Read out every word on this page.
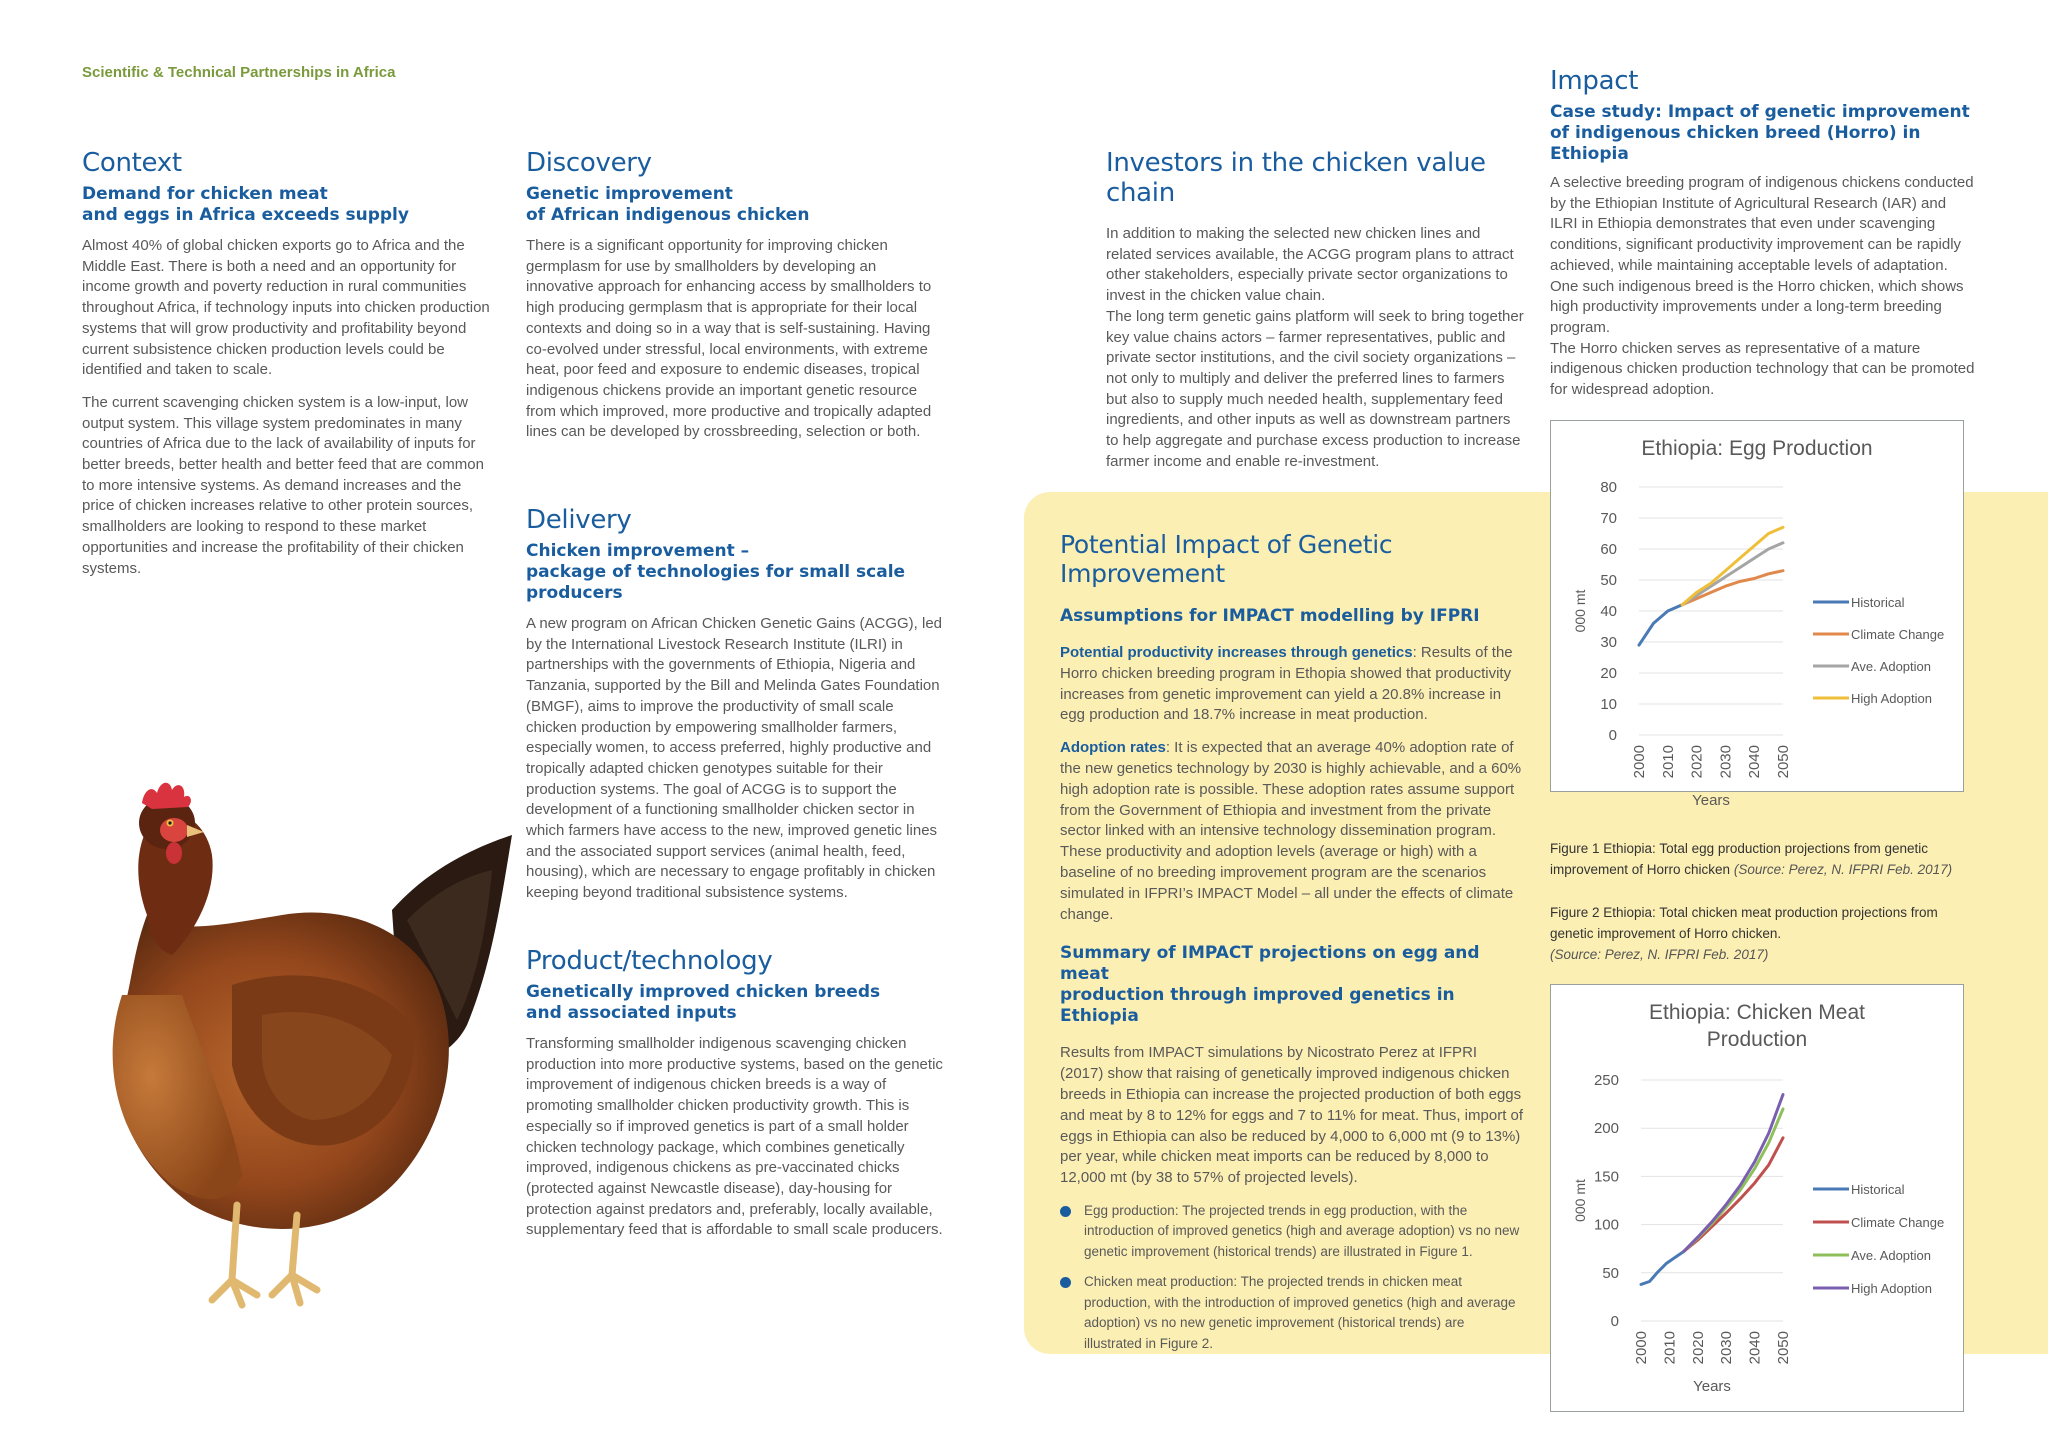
Scientific & Technical Partnerships in Africa
Context
Demand for chicken meat
and eggs in Africa exceeds supply

Almost 40% of global chicken exports go to Africa and the Middle East. There is both a need and an opportunity for income growth and poverty reduction in rural communities throughout Africa, if technology inputs into chicken production systems that will grow productivity and profitability beyond current subsistence chicken production levels could be identified and taken to scale.

The current scavenging chicken system is a low-input, low output system. This village system predominates in many countries of Africa due to the lack of availability of inputs for better breeds, better health and better feed that are common to more intensive systems. As demand increases and the price of chicken increases relative to other protein sources, smallholders are looking to respond to these market opportunities and increase the profitability of their chicken systems.

Discovery
Genetic improvement
of African indigenous chicken

There is a significant opportunity for improving chicken germplasm for use by smallholders by developing an innovative approach for enhancing access by smallholders to high producing germplasm that is appropriate for their local contexts and doing so in a way that is self-sustaining. Having co-evolved under stressful, local environments, with extreme heat, poor feed and exposure to endemic diseases, tropical indigenous chickens provide an important genetic resource from which improved, more productive and tropically adapted lines can be developed by crossbreeding, selection or both.

Delivery
Chicken improvement –
package of technologies for small scale producers

A new program on African Chicken Genetic Gains (ACGG), led by the International Livestock Research Institute (ILRI) in partnerships with the governments of Ethiopia, Nigeria and Tanzania, supported by the Bill and Melinda Gates Foundation (BMGF), aims to improve the productivity of small scale chicken production by empowering smallholder farmers, especially women, to access preferred, highly productive and tropically adapted chicken genotypes suitable for their production systems. The goal of ACGG is to support the development of a functioning smallholder chicken sector in which farmers have access to the new, improved genetic lines and the associated support services (animal health, feed, housing), which are necessary to engage profitably in chicken keeping beyond traditional subsistence systems.

Product/technology
Genetically improved chicken breeds
and associated inputs

Transforming smallholder indigenous scavenging chicken production into more productive systems, based on the genetic improvement of indigenous chicken breeds is a way of promoting smallholder chicken productivity growth. This is especially so if improved genetics is part of a small holder chicken technology package, which combines genetically improved, indigenous chickens as pre-vaccinated chicks (protected against Newcastle disease), day-housing for protection against predators and, preferably, locally available, supplementary feed that is affordable to small scale producers.

Investors in the chicken value chain

In addition to making the selected new chicken lines and related services available, the ACGG program plans to attract other stakeholders, especially private sector organizations to invest in the chicken value chain.

The long term genetic gains platform will seek to bring together key value chains actors – farmer representatives, public and private sector institutions, and the civil society organizations – not only to multiply and deliver the preferred lines to farmers but also to supply much needed health, supplementary feed ingredients, and other inputs as well as downstream partners to help aggregate and purchase excess production to increase farmer income and enable re-investment.

Potential Impact of Genetic Improvement
Assumptions for IMPACT modelling by IFPRI

Potential productivity increases through genetics: Results of the Horro chicken breeding program in Ethopia showed that productivity increases from genetic improvement can yield a 20.8% increase in egg production and 18.7% increase in meat production.

Adoption rates: It is expected that an average 40% adoption rate of the new genetics technology by 2030 is highly achievable, and a 60% high adoption rate is possible. These adoption rates assume support from the Government of Ethiopia and investment from the private sector linked with an intensive technology dissemination program. These productivity and adoption levels (average or high) with a baseline of no breeding improvement program are the scenarios simulated in IFPRI’s IMPACT Model – all under the effects of climate change.

Summary of IMPACT projections on egg and meat
production through improved genetics in Ethiopia

Results from IMPACT simulations by Nicostrato Perez at IFPRI (2017) show that raising of genetically improved indigenous chicken breeds in Ethiopia can increase the projected production of both eggs and meat by 8 to 12% for eggs and 7 to 11% for meat. Thus, import of eggs in Ethiopia can also be reduced by 4,000 to 6,000 mt (9 to 13%) per year, while chicken meat imports can be reduced by 8,000 to 12,000 mt (by 38 to 57% of projected levels).

Egg production: The projected trends in egg production, with the introduction of improved genetics (high and average adoption) vs no new genetic improvement (historical trends) are illustrated in Figure 1.
Chicken meat production: The projected trends in chicken meat production, with the introduction of improved genetics (high and average adoption) vs no new genetic improvement (historical trends) are illustrated in Figure 2.
Impact
Case study: Impact of genetic improvement
of indigenous chicken breed (Horro) in Ethiopia

A selective breeding program of indigenous chickens conducted by the Ethiopian Institute of Agricultural Research (IAR) and ILRI in Ethiopia demonstrates that even under scavenging conditions, significant productivity improvement can be rapidly achieved, while maintaining acceptable levels of adaptation. One such indigenous breed is the Horro chicken, which shows high productivity improvements under a long-term breeding program.

The Horro chicken serves as representative of a mature indigenous chicken production technology that can be promoted for widespread adoption.

Ethiopia: Egg Production
0
10
20
30
40
50
60
70
80
2000 2010 2020 2030 2040 2050
000 mt
Years
Historical
Climate Change
Ave. Adoption
High Adoption
Figure 1 Ethiopia: Total egg production projections from genetic improvement of Horro chicken (Source: Perez, N. IFPRI Feb. 2017)
Figure 2 Ethiopia: Total chicken meat production projections from genetic improvement of Horro chicken.
(Source: Perez, N. IFPRI Feb. 2017)
Ethiopia: Chicken Meat
Production
0
50
100
150
200
250
2000 2010 2020 2030 2040 2050
000 mt
Years
Historical
Climate Change
Ave. Adoption
High Adoption
